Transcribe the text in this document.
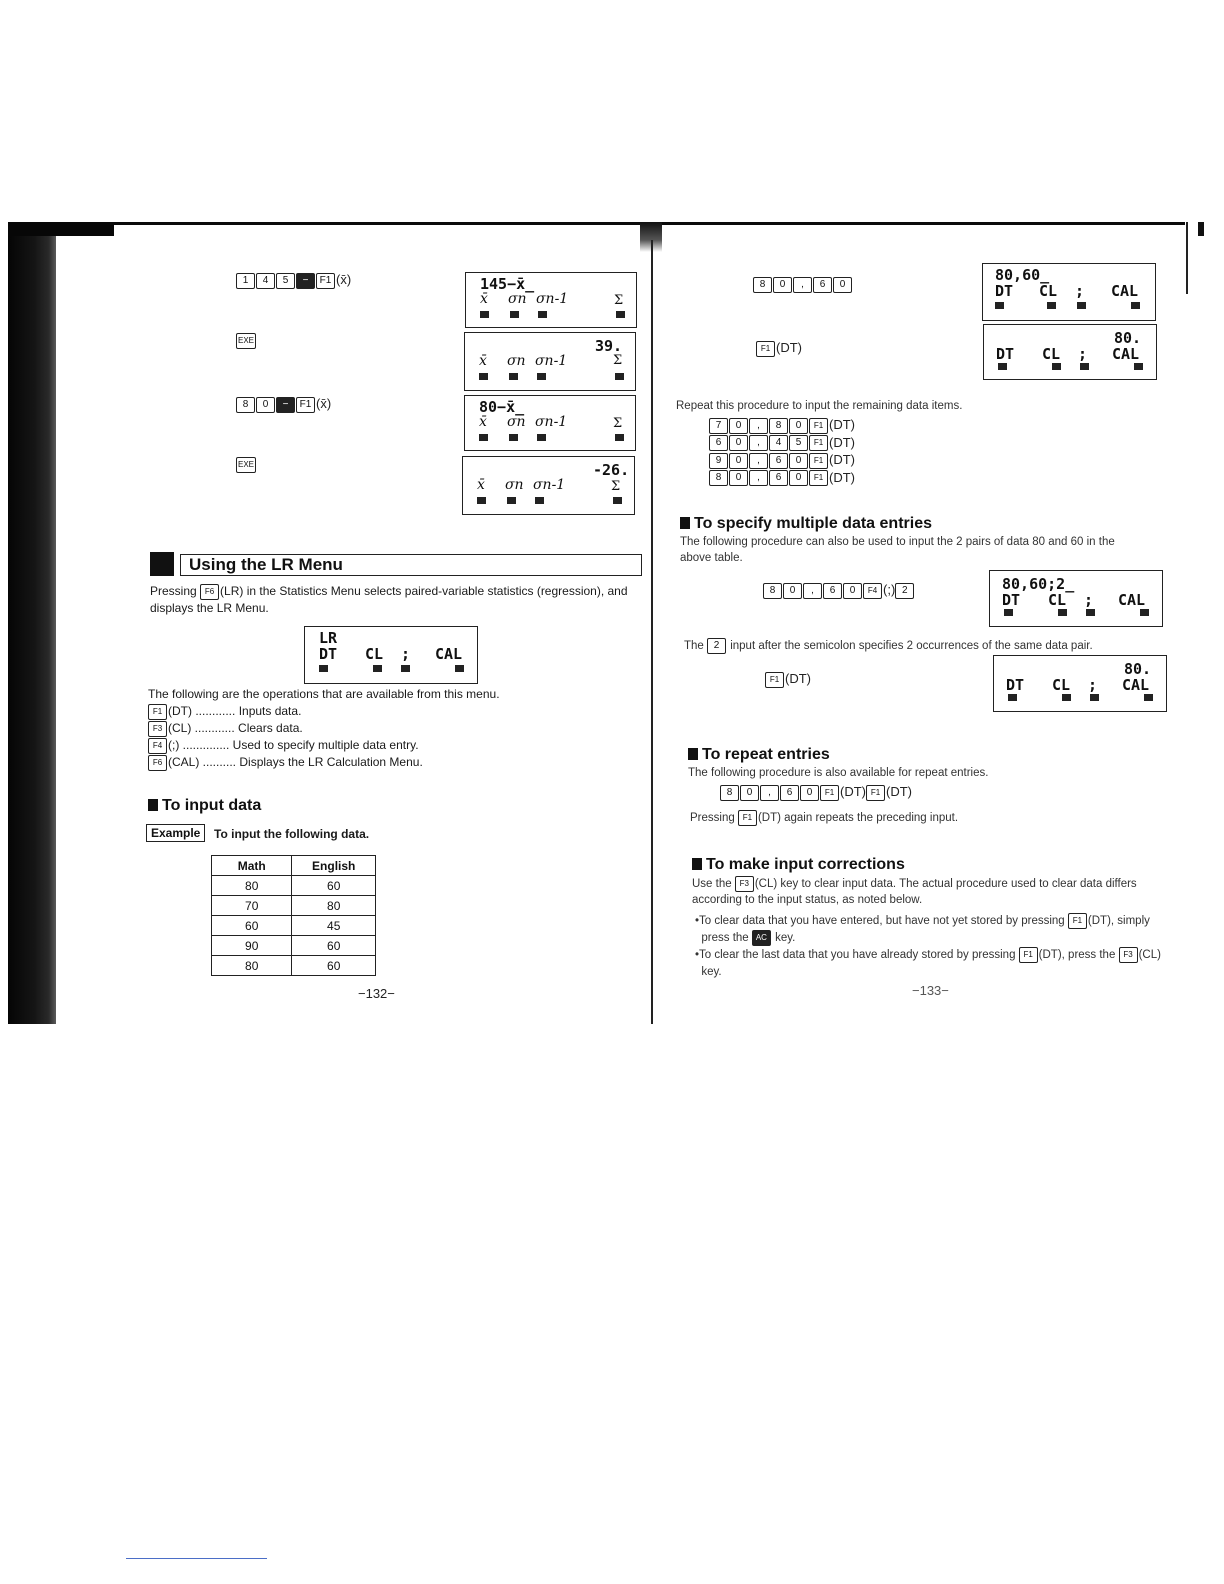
1 4 5 − F1 (x̄)	145−x̄_
x̄ σn σn-1	Σ
EXE	39.
x̄ σn σn-1	Σ
8 0 − F1 (x̄)	80−x̄_
x̄ σn σn-1	Σ
EXE	-26.
x̄ σn σn-1	Σ
Using the LR Menu
Pressing F6 (LR) in the Statistics Menu selects paired-variable statistics (regression), and
displays the LR Menu.
LR
DT CL ; CAL
The following are the operations that are available from this menu.
F1 (DT) ............ Inputs data.
F3 (CL) ............ Clears data.
F4 (;) .............. Used to specify multiple data entry.
F6 (CAL) .......... Displays the LR Calculation Menu.
To input data
Example	To input the following data.
Math	English
80	60
70	80
60	45
90	60
80	60
−132−
8 0 , 6 0
80,60_
DT CL ; CAL
F1 (DT)
80.
DT CL ; CAL
Repeat this procedure to input the remaining data items.
7 0 , 8 0 F1 (DT)
6 0 , 4 5 F1 (DT)
9 0 , 6 0 F1 (DT)
8 0 , 6 0 F1 (DT)
To specify multiple data entries
The following procedure can also be used to input the 2 pairs of data 80 and 60 in the
above table.
8 0 , 6 0 F4 (;) 2	80,60;2_
DT CL ; CAL
The 2 input after the semicolon specifies 2 occurrences of the same data pair.
F1 (DT)
80.
DT CL ; CAL
To repeat entries
The following procedure is also available for repeat entries.
8 0 , 6 0 F1 (DT) F1 (DT)
Pressing F1 (DT) again repeats the preceding input.
To make input corrections
Use the F3 (CL) key to clear input data. The actual procedure used to clear data differs
according to the input status, as noted below.
•To clear data that you have entered, but have not yet stored by pressing F1 (DT), simply
press the AC key.
•To clear the last data that you have already stored by pressing F1 (DT), press the F3 (CL)
key.
−133−
